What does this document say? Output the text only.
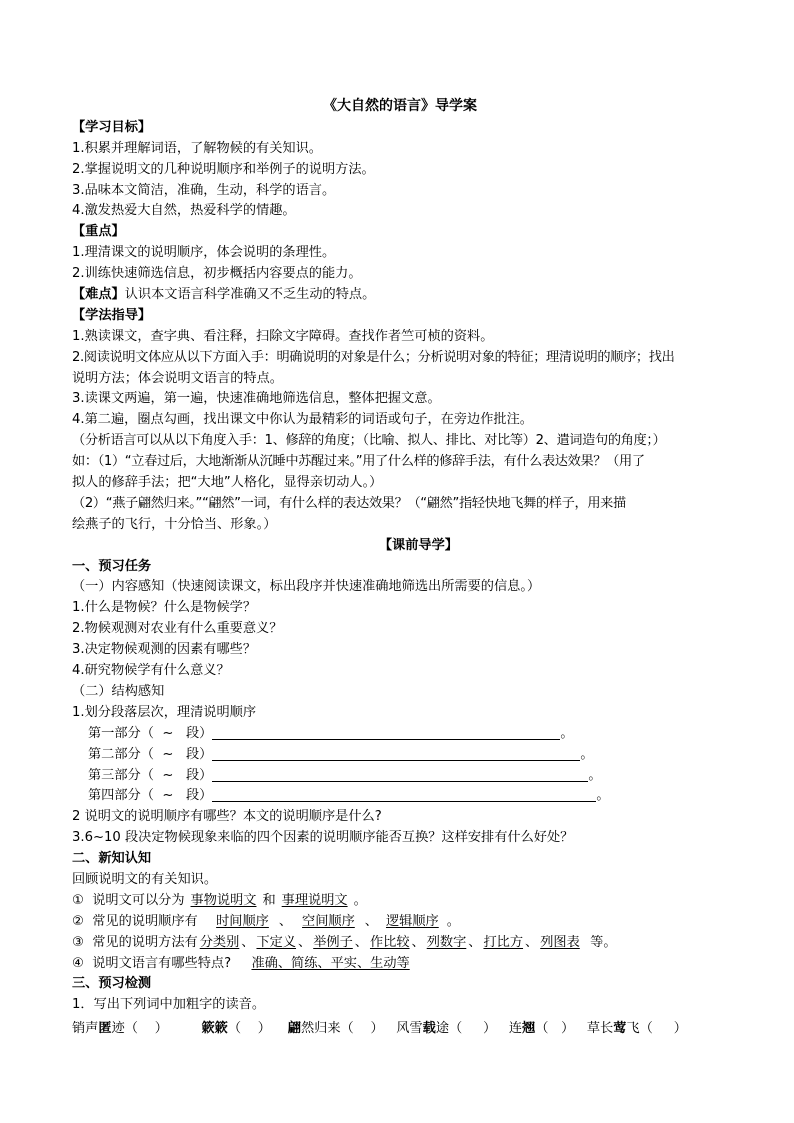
《大自然的语言》导学案
【学习目标】
1.积累并理解词语，了解物候的有关知识。
2.掌握说明文的几种说明顺序和举例子的说明方法。
3.品味本文简洁，准确，生动，科学的语言。
4.激发热爱大自然，热爱科学的情趣。
【重点】
1.理清课文的说明顺序，体会说明的条理性。
2.训练快速筛选信息，初步概括内容要点的能力。
【难点】认识本文语言科学准确又不乏生动的特点。
【学法指导】
1.熟读课文，查字典、看注释，扫除文字障碍。查找作者竺可桢的资料。
2.阅读说明文体应从以下方面入手：明确说明的对象是什么；分析说明对象的特征；理清说明的顺序；找出
说明方法；体会说明文语言的特点。
3.读课文两遍，第一遍，快速准确地筛选信息，整体把握文意。
4.第二遍，圈点勾画，找出课文中你认为最精彩的词语或句子，在旁边作批注。
（分析语言可以从以下角度入手：1、修辞的角度；（比喻、拟人、排比、对比等）2、遣词造句的角度；）
如：（1）“立春过后，大地渐渐从沉睡中苏醒过来。”用了什么样的修辞手法，有什么表达效果？（用了
拟人的修辞手法；把“大地”人格化，显得亲切动人。）
（2）“燕子翩然归来。”“翩然”一词，有什么样的表达效果？（“翩然”指轻快地飞舞的样子，用来描
绘燕子的飞行，十分恰当、形象。）
【课前导学】
一、预习任务
（一）内容感知（快速阅读课文，标出段序并快速准确地筛选出所需要的信息。）
1.什么是物候？什么是物候学？
2.物候观测对农业有什么重要意义？
3.决定物候观测的因素有哪些？
4.研究物候学有什么意义？
（二）结构感知
1.划分段落层次，理清说明顺序
第一部分（ ~ 段）	。
第二部分（ ~ 段）	。
第三部分（ ~ 段）	。
第四部分（ ~ 段）	。
2 说明文的说明顺序有哪些？本文的说明顺序是什么?
3.6~10 段决定物候现象来临的四个因素的说明顺序能否互换？这样安排有什么好处？
二、新知认知
回顾说明文的有关知识。
① 说明文可以分为 事物说明文 和 事理说明文 。
② 常见的说明顺序有 时间顺序 、 空间顺序 、 逻辑顺序 。
③ 常见的说明方法有 分类别 、 下定义 、 举例子 、 作比较 、 列数字 、 打比方 、 列图表 等。
④ 说明文语言有哪些特点? 准确、简练、平实、生动等
三、预习检测
1．写出下列词中加粗字的读音。
销声匿迹（ ）	簌簌（ ） 翩然归来（ ） 风雪载途（ ） 连翘（ ） 草长莺飞（ ）
